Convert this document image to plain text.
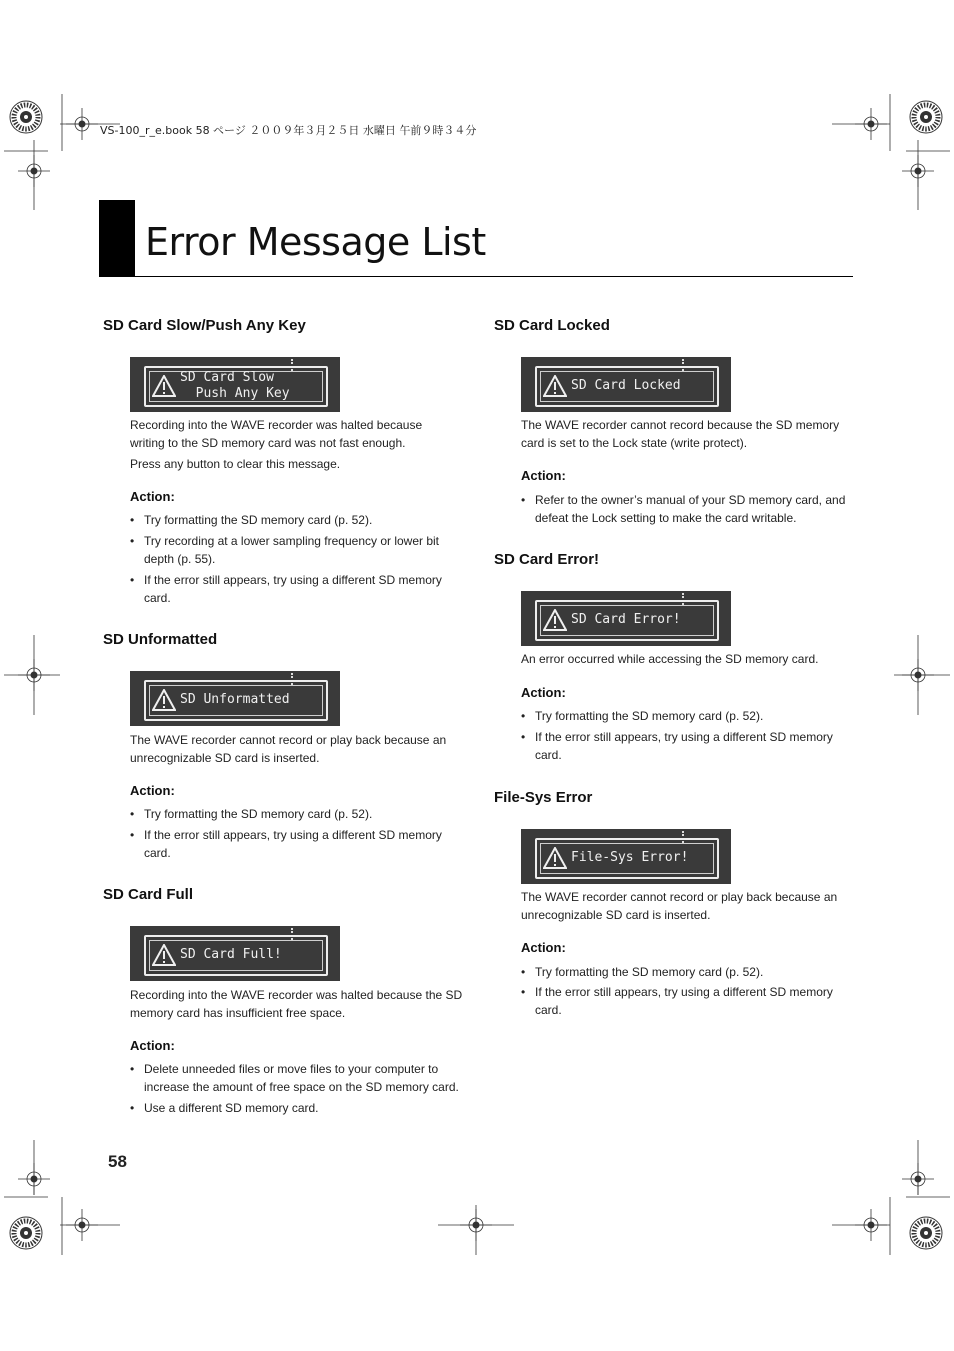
VS-100_r_e.book 58 ページ ２００９年３月２５日 水曜日 午前９時３４分
Error Message List
SD Card Slow/Push Any Key
SD Card Slow
Push Any Key
Recording into the WAVE recorder was halted because writing to the SD memory card was not fast enough.
Press any button to clear this message.
Action:
• Try formatting the SD memory card (p. 52).
• Try recording at a lower sampling frequency or lower bit depth (p. 55).
• If the error still appears, try using a different SD memory card.
SD Unformatted
SD Unformatted
The WAVE recorder cannot record or play back because an unrecognizable SD card is inserted.
Action:
• Try formatting the SD memory card (p. 52).
• If the error still appears, try using a different SD memory card.
SD Card Full
SD Card Full!
Recording into the WAVE recorder was halted because the SD memory card has insufficient free space.
Action:
• Delete unneeded files or move files to your computer to increase the amount of free space on the SD memory card.
• Use a different SD memory card.
SD Card Locked
SD Card Locked
The WAVE recorder cannot record because the SD memory card is set to the Lock state (write protect).
Action:
• Refer to the owner’s manual of your SD memory card, and defeat the Lock setting to make the card writable.
SD Card Error!
SD Card Error!
An error occurred while accessing the SD memory card.
Action:
• Try formatting the SD memory card (p. 52).
• If the error still appears, try using a different SD memory card.
File-Sys Error
File-Sys Error!
The WAVE recorder cannot record or play back because an unrecognizable SD card is inserted.
Action:
• Try formatting the SD memory card (p. 52).
• If the error still appears, try using a different SD memory card.
58
